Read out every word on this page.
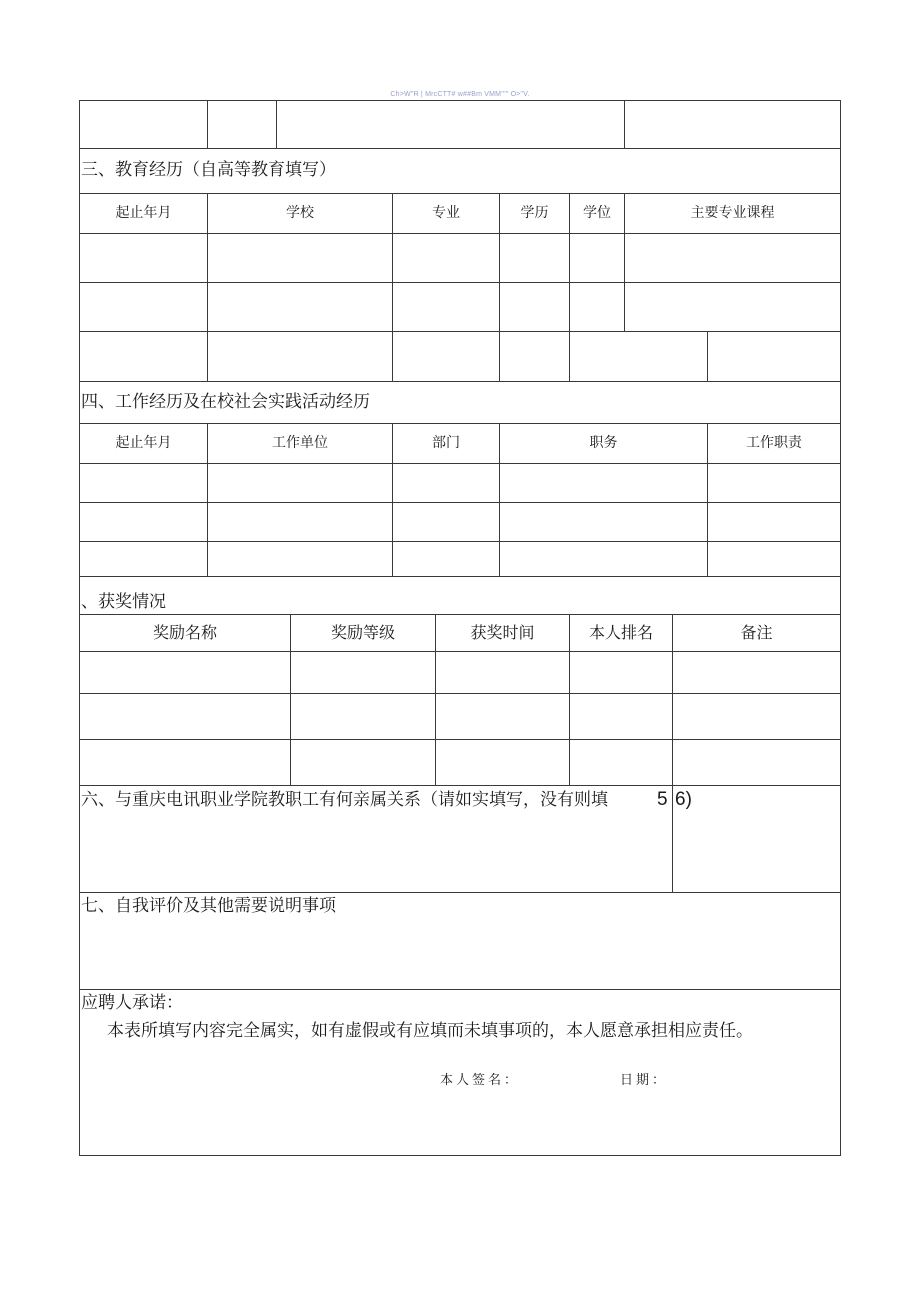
Ch>W"R | MrcCTT# w##Bm VMM'''" O>"V.
三、教育经历（自高等教育填写）
起止年月	学校	专业	学历	学位	主要专业课程
四、工作经历及在校社会实践活动经历
起止年月	工作单位	部门	职务	工作职责
、获奖情况
奖励名称	奖励等级	获奖时间	本人排名	备注
六、与重庆电讯职业学院教职工有何亲属关系（请如实填写，没有则填	5 6)
七、自我评价及其他需要说明事项
应聘人承诺：
本表所填写内容完全属实，如有虚假或有应填而未填事项的，本人愿意承担相应责任。
本人签名：	日期：
